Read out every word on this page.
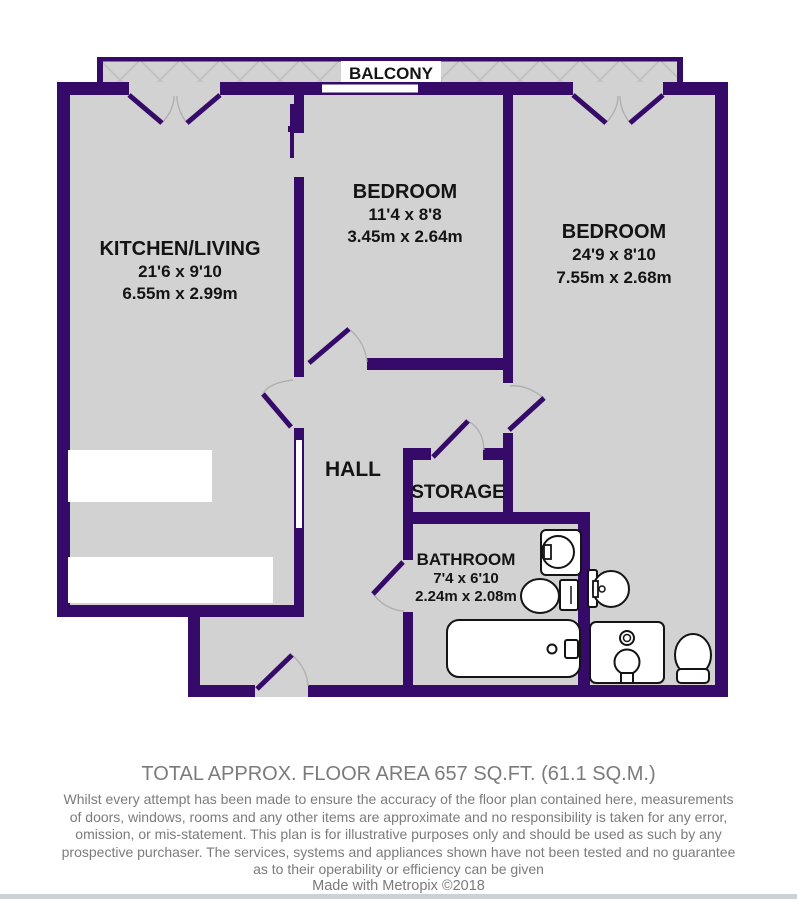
BALCONY
KITCHEN/LIVING
21'6 x 9'10
6.55m x 2.99m
BEDROOM
11'4 x 8'8
3.45m x 2.64m	BEDROOM
24'9 x 8'10
7.55m x 2.68m
HALL
STORAGE
BATHROOM
7'4 x 6'10
2.24m x 2.08m
TOTAL APPROX. FLOOR AREA 657 SQ.FT. (61.1 SQ.M.)
Whilst every attempt has been made to ensure the accuracy of the floor plan contained here, measurements
of doors, windows, rooms and any other items are approximate and no responsibility is taken for any error,
omission, or mis-statement. This plan is for illustrative purposes only and should be used as such by any
prospective purchaser. The services, systems and appliances shown have not been tested and no guarantee
as to their operability or efficiency can be given
Made with Metropix ©2018
